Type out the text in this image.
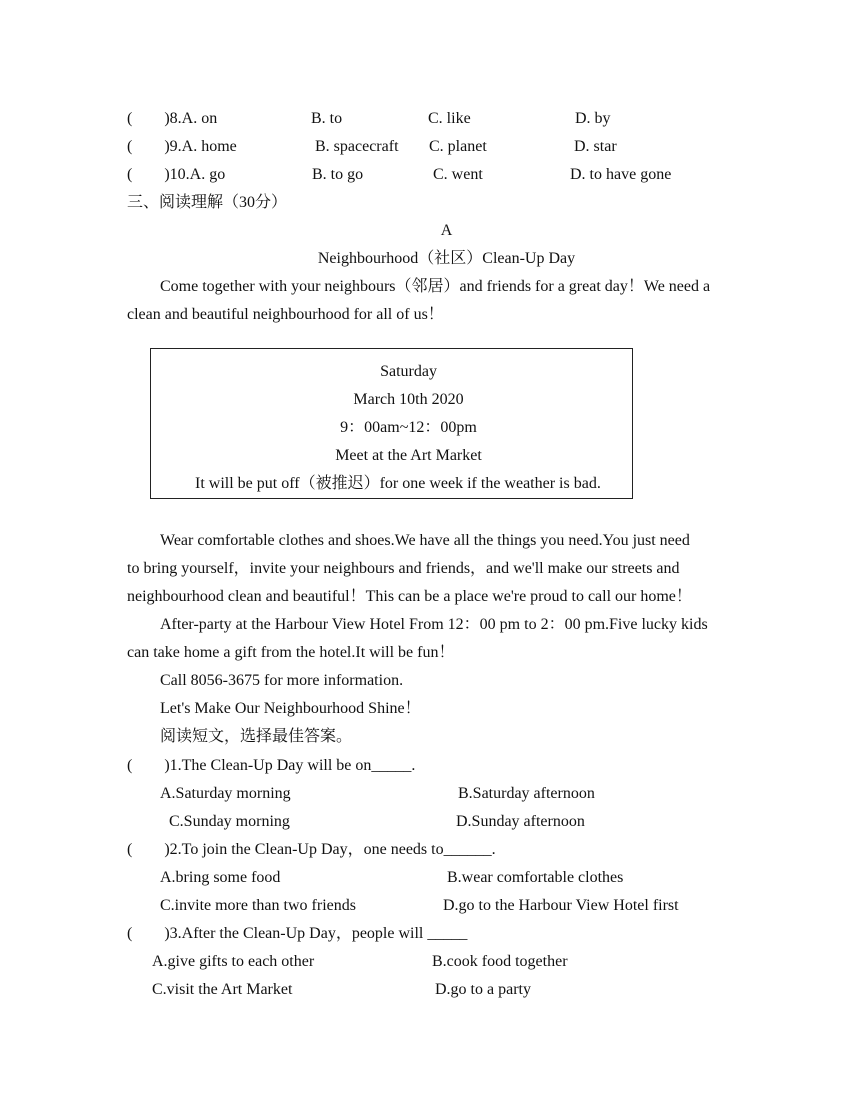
(　　)8.A. on	B. to	C. like	D. by
(　　)9.A. home	B. spacecraft C. planet	D. star
(　　)10.A. go	B. to go	C. went	D. to have gone
三、阅读理解（30分）
A
Neighbourhood（社区）Clean-Up Day
Come together with your neighbours（邻居）and friends for a great day！We need a
clean and beautiful neighbourhood for all of us！
Saturday
March 10th 2020
9：00am~12：00pm
Meet at the Art Market
It will be put off（被推迟）for one week if the weather is bad.
Wear comfortable clothes and shoes.We have all the things you need.You just need
to bring yourself，invite your neighbours and friends，and we'll make our streets and
neighbourhood clean and beautiful！This can be a place we're proud to call our home！
After-party at the Harbour View Hotel From 12：00 pm to 2：00 pm.Five lucky kids
can take home a gift from the hotel.It will be fun！
Call 8056-3675 for more information.
Let's Make Our Neighbourhood Shine！
阅读短文，选择最佳答案。
(　　)1.The Clean-Up Day will be on_____.
A.Saturday morning	B.Saturday afternoon
C.Sunday morning	D.Sunday afternoon
(　　)2.To join the Clean-Up Day，one needs to______.
A.bring some food	B.wear comfortable clothes
C.invite more than two friends	D.go to the Harbour View Hotel first
(　　)3.After the Clean-Up Day，people will _____
A.give gifts to each other	B.cook food together
C.visit the Art Market	D.go to a party
